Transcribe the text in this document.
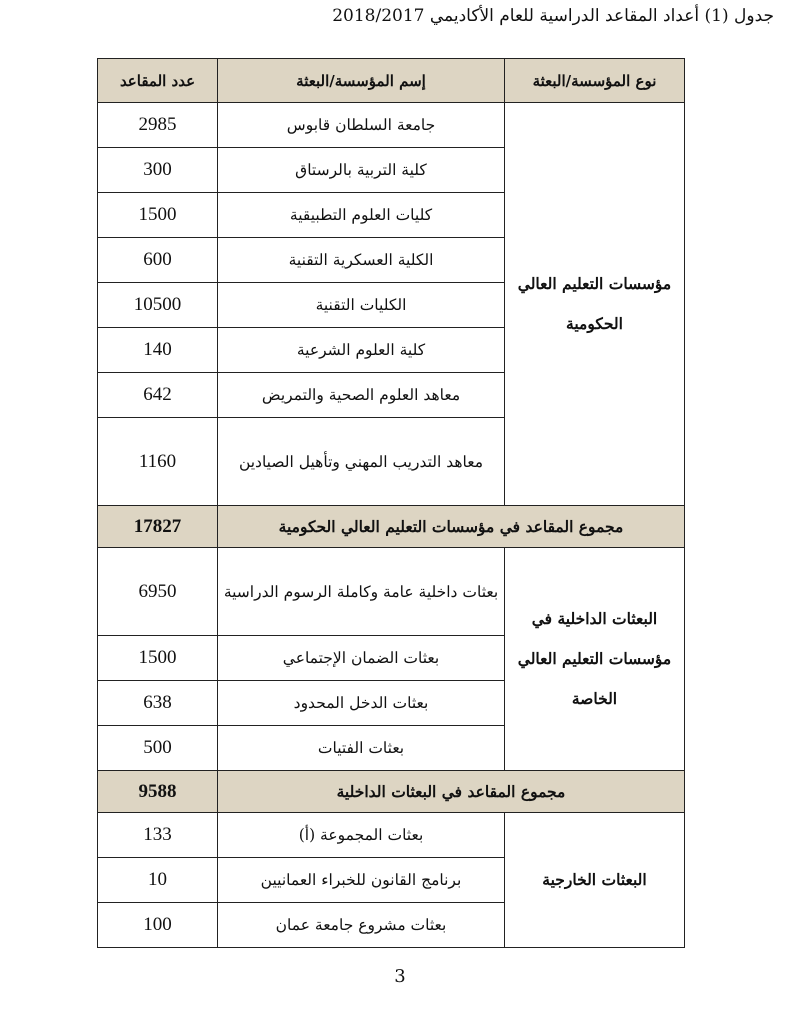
جدول (1) أعداد المقاعد الدراسية للعام الأكاديمي 2018/2017
نوع المؤسسة/البعثة	إسم المؤسسة/البعثة	عدد المقاعد
مؤسسات التعليم العالي الحكومية	جامعة السلطان قابوس	2985
	كلية التربية بالرستاق	300
	كليات العلوم التطبيقية	1500
	الكلية العسكرية التقنية	600
	الكليات التقنية	10500
	كلية العلوم الشرعية	140
	معاهد العلوم الصحية والتمريض	642
	معاهد التدريب المهني وتأهيل الصيادين	1160
مجموع المقاعد في مؤسسات التعليم العالي الحكومية		17827
البعثات الداخلية في مؤسسات التعليم العالي الخاصة	بعثات داخلية عامة وكاملة الرسوم الدراسية	6950
	بعثات الضمان الإجتماعي	1500
	بعثات الدخل المحدود	638
	بعثات الفتيات	500
مجموع المقاعد في البعثات الداخلية		9588
البعثات الخارجية	بعثات المجموعة (أ)	133
	برنامج القانون للخبراء العمانيين	10
	بعثات مشروع جامعة عمان	100
3
